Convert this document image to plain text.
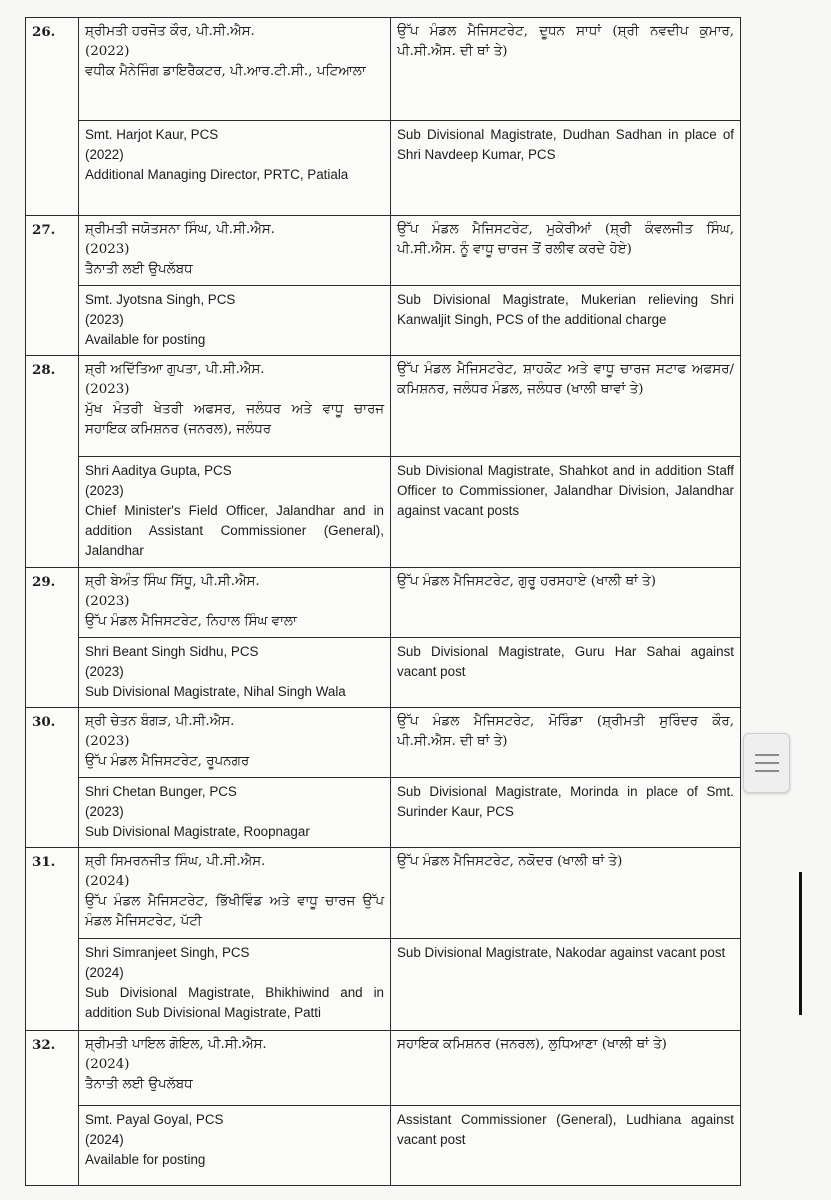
26.	ਸ਼੍ਰੀਮਤੀ ਹਰਜੋਤ ਕੌਰ, ਪੀ.ਸੀ.ਐਸ.
(2022)
ਵਧੀਕ ਮੈਨੇਜਿੰਗ ਡਾਇਰੈਕਟਰ, ਪੀ.ਆਰ.ਟੀ.ਸੀ., ਪਟਿਆਲਾ	ਉੱਪ ਮੰਡਲ ਮੈਜਿਸਟਰੇਟ, ਦੂਧਨ ਸਾਧਾਂ (ਸ਼੍ਰੀ ਨਵਦੀਪ ਕੁਮਾਰ, ਪੀ.ਸੀ.ਐਸ. ਦੀ ਥਾਂ ਤੇ)

	Smt. Harjot Kaur, PCS
(2022)
Additional Managing Director, PRTC, Patiala	Sub Divisional Magistrate, Dudhan Sadhan in place of Shri Navdeep Kumar, PCS

27.	ਸ਼੍ਰੀਮਤੀ ਜਯੋਤਸਨਾ ਸਿੰਘ, ਪੀ.ਸੀ.ਐਸ.
(2023)
ਤੈਨਾਤੀ ਲਈ ਉਪਲੱਬਧ	ਉੱਪ ਮੰਡਲ ਮੈਜਿਸਟਰੇਟ, ਮੁਕੇਰੀਆਂ (ਸ਼੍ਰੀ ਕੰਵਲਜੀਤ ਸਿੰਘ, ਪੀ.ਸੀ.ਐਸ. ਨੂੰ ਵਾਧੂ ਚਾਰਜ ਤੋਂ ਰਲੀਵ ਕਰਦੇ ਹੋਏ)

	Smt. Jyotsna Singh, PCS
(2023)
Available for posting	Sub Divisional Magistrate, Mukerian relieving Shri Kanwaljit Singh, PCS of the additional charge

28.	ਸ਼੍ਰੀ ਅਦਿੱਤਿਆ ਗੁਪਤਾ, ਪੀ.ਸੀ.ਐਸ.
(2023)
ਮੁੱਖ ਮੰਤਰੀ ਖੇਤਰੀ ਅਫਸਰ, ਜਲੰਧਰ ਅਤੇ ਵਾਧੂ ਚਾਰਜ ਸਹਾਇਕ ਕਮਿਸ਼ਨਰ (ਜਨਰਲ), ਜਲੰਧਰ	ਉੱਪ ਮੰਡਲ ਮੈਜਿਸਟਰੇਟ, ਸ਼ਾਹਕੋਟ ਅਤੇ ਵਾਧੂ ਚਾਰਜ ਸਟਾਫ ਅਫਸਰ/ ਕਮਿਸ਼ਨਰ, ਜਲੰਧਰ ਮੰਡਲ, ਜਲੰਧਰ (ਖਾਲੀ ਥਾਵਾਂ ਤੇ)

	Shri Aaditya Gupta, PCS
(2023)
Chief Minister's Field Officer, Jalandhar and in addition Assistant Commissioner (General), Jalandhar	Sub Divisional Magistrate, Shahkot and in addition Staff Officer to Commissioner, Jalandhar Division, Jalandhar against vacant posts

29.	ਸ਼੍ਰੀ ਬੇਅੰਤ ਸਿੰਘ ਸਿੱਧੂ, ਪੀ.ਸੀ.ਐਸ.
(2023)
ਉੱਪ ਮੰਡਲ ਮੈਜਿਸਟਰੇਟ, ਨਿਹਾਲ ਸਿੰਘ ਵਾਲਾ	ਉੱਪ ਮੰਡਲ ਮੈਜਿਸਟਰੇਟ, ਗੁਰੂ ਹਰਸਹਾਏ (ਖਾਲੀ ਥਾਂ ਤੇ)

	Shri Beant Singh Sidhu, PCS
(2023)
Sub Divisional Magistrate, Nihal Singh Wala	Sub Divisional Magistrate, Guru Har Sahai against vacant post

30.	ਸ਼੍ਰੀ ਚੇਤਨ ਬੰਗੜ, ਪੀ.ਸੀ.ਐਸ.
(2023)
ਉੱਪ ਮੰਡਲ ਮੈਜਿਸਟਰੇਟ, ਰੂਪਨਗਰ	ਉੱਪ ਮੰਡਲ ਮੈਜਿਸਟਰੇਟ, ਮੋਰਿੰਡਾ (ਸ਼੍ਰੀਮਤੀ ਸੁਰਿੰਦਰ ਕੌਰ, ਪੀ.ਸੀ.ਐਸ. ਦੀ ਥਾਂ ਤੇ)

	Shri Chetan Bunger, PCS
(2023)
Sub Divisional Magistrate, Roopnagar	Sub Divisional Magistrate, Morinda in place of Smt. Surinder Kaur, PCS

31.	ਸ਼੍ਰੀ ਸਿਮਰਨਜੀਤ ਸਿੰਘ, ਪੀ.ਸੀ.ਐਸ.
(2024)
ਉੱਪ ਮੰਡਲ ਮੈਜਿਸਟਰੇਟ, ਭਿੱਖੀਵਿੰਡ ਅਤੇ ਵਾਧੂ ਚਾਰਜ ਉੱਪ ਮੰਡਲ ਮੈਜਿਸਟਰੇਟ, ਪੱਟੀ	ਉੱਪ ਮੰਡਲ ਮੈਜਿਸਟਰੇਟ, ਨਕੋਦਰ (ਖਾਲੀ ਥਾਂ ਤੇ)

	Shri Simranjeet Singh, PCS
(2024)
Sub Divisional Magistrate, Bhikhiwind and in addition Sub Divisional Magistrate, Patti	Sub Divisional Magistrate, Nakodar against vacant post

32.	ਸ਼੍ਰੀਮਤੀ ਪਾਇਲ ਗੋਇਲ, ਪੀ.ਸੀ.ਐਸ.
(2024)
ਤੈਨਾਤੀ ਲਈ ਉਪਲੱਬਧ	ਸਹਾਇਕ ਕਮਿਸ਼ਨਰ (ਜਨਰਲ), ਲੁਧਿਆਣਾ (ਖਾਲੀ ਥਾਂ ਤੇ)

	Smt. Payal Goyal, PCS
(2024)
Available for posting	Assistant Commissioner (General), Ludhiana against vacant post
